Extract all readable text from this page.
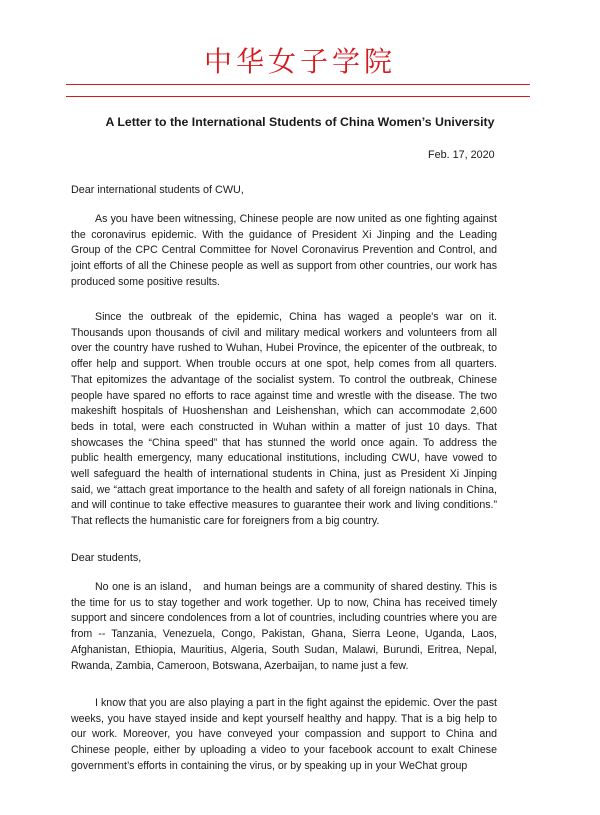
中华女子学院
A Letter to the International Students of China Women’s University
Feb. 17, 2020
Dear international students of CWU,

As you have been witnessing, Chinese people are now united as one fighting against the coronavirus epidemic. With the guidance of President Xi Jinping and the Leading Group of the CPC Central Committee for Novel Coronavirus Prevention and Control, and joint efforts of all the Chinese people as well as support from other countries, our work has produced some positive results.

Since the outbreak of the epidemic, China has waged a people's war on it. Thousands upon thousands of civil and military medical workers and volunteers from all over the country have rushed to Wuhan, Hubei Province, the epicenter of the outbreak, to offer help and support. When trouble occurs at one spot, help comes from all quarters. That epitomizes the advantage of the socialist system. To control the outbreak, Chinese people have spared no efforts to race against time and wrestle with the disease. The two makeshift hospitals of Huoshenshan and Leishenshan, which can accommodate 2,600 beds in total, were each constructed in Wuhan within a matter of just 10 days. That showcases the “China speed” that has stunned the world once again. To address the public health emergency, many educational institutions, including CWU, have vowed to well safeguard the health of international students in China, just as President Xi Jinping said, we “attach great importance to the health and safety of all foreign nationals in China, and will continue to take effective measures to guarantee their work and living conditions.” That reflects the humanistic care for foreigners from a big country.

Dear students,

No one is an island， and human beings are a community of shared destiny. This is the time for us to stay together and work together. Up to now, China has received timely support and sincere condolences from a lot of countries, including countries where you are from -- Tanzania, Venezuela, Congo, Pakistan, Ghana, Sierra Leone, Uganda, Laos, Afghanistan, Ethiopia, Mauritius, Algeria, South Sudan, Malawi, Burundi, Eritrea, Nepal, Rwanda, Zambia, Cameroon, Botswana, Azerbaijan, to name just a few.

I know that you are also playing a part in the fight against the epidemic. Over the past weeks, you have stayed inside and kept yourself healthy and happy. That is a big help to our work. Moreover, you have conveyed your compassion and support to China and Chinese people, either by uploading a video to your facebook account to exalt Chinese government’s efforts in containing the virus, or by speaking up in your WeChat group
